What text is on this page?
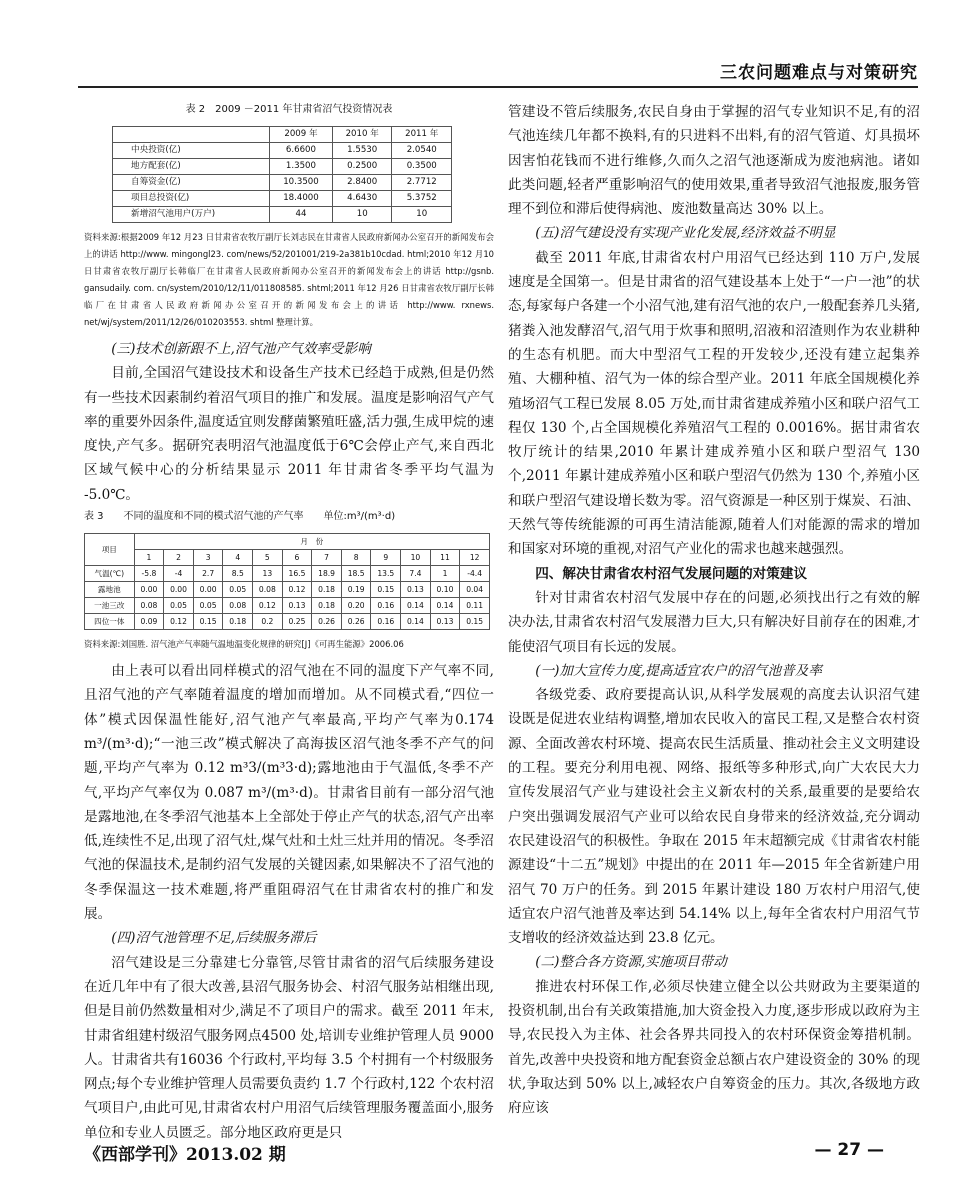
三农问题难点与对策研究
表 2　2009 －2011 年甘肃省沼气投资情况表
	2009 年	2010 年	2011 年
中央投资(亿)	6.6600	1.5530	2.0540
地方配套(亿)	1.3500	0.2500	0.3500
自筹资金(亿)	10.3500	2.8400	2.7712
项目总投资(亿)	18.4000	4.6430	5.3752
新增沼气池用户(万户)	44	10	10
资料来源:根据2009 年12 月23 日甘肃省农牧厅副厅长刘志民在甘肃省人民政府新闻办公室召开的新闻发布会上的讲话 http://www. mingongl23. com/news/52/201001/219-2a381b10cdad. html;2010 年12 月10 日甘肃省农牧厅副厅长韩临厂在甘肃省人民政府新闻办公室召开的新闻发布会上的讲话 http://gsnb. gansudaily. com. cn/system/2010/12/11/011808585. shtml;2011 年12 月26 日甘肃省农牧厅副厅长韩临厂在甘肃省人民政府新闻办公室召开的新闻发布会上的讲话 http://www. rxnews. net/wj/system/2011/12/26/010203553. shtml 整理计算。

(三)技术创新跟不上,沼气池产气效率受影响

目前,全国沼气建设技术和设备生产技术已经趋于成熟,但是仍然有一些技术因素制约着沼气项目的推广和发展。温度是影响沼气产气率的重要外因条件,温度适宜则发酵菌繁殖旺盛,活力强,生成甲烷的速度快,产气多。据研究表明沼气池温度低于6℃会停止产气,来自西北区域气候中心的分析结果显示 2011 年甘肃省冬季平均气温为 -5.0℃。

表 3　　不同的温度和不同的模式沼气池的产气率　　单位:m³/(m³·d)
项目	月　份											
	1	2	3	4	5	6	7	8	9	10	11	12
气温(℃)	-5.8	-4	2.7	8.5	13	16.5	18.9	18.5	13.5	7.4	1	-4.4
露地池	0.00	0.00	0.00	0.05	0.08	0.12	0.18	0.19	0.15	0.13	0.10	0.04
一池三改	0.08	0.05	0.05	0.08	0.12	0.13	0.18	0.20	0.16	0.14	0.14	0.11
四位一体	0.09	0.12	0.15	0.18	0.2	0.25	0.26	0.26	0.16	0.14	0.13	0.15
资料来源:刘国胜. 沼气池产气率随气温地温变化规律的研究[J]《可再生能源》2006.06

由上表可以看出同样模式的沼气池在不同的温度下产气率不同,且沼气池的产气率随着温度的增加而增加。从不同模式看,“四位一体”模式因保温性能好,沼气池产气率最高,平均产气率为0.174 m³/(m³·d);“一池三改”模式解决了高海拔区沼气池冬季不产气的问题,平均产气率为 0.12 m³3/(m³3·d);露地池由于气温低,冬季不产气,平均产气率仅为 0.087 m³/(m³·d)。甘肃省目前有一部分沼气池是露地池,在冬季沼气池基本上全部处于停止产气的状态,沼气产出率低,连续性不足,出现了沼气灶,煤气灶和土灶三灶并用的情况。冬季沼气池的保温技术,是制约沼气发展的关键因素,如果解决不了沼气池的冬季保温这一技术难题,将严重阻碍沼气在甘肃省农村的推广和发展。

(四)沼气池管理不足,后续服务滞后

沼气建设是三分靠建七分靠管,尽管甘肃省的沼气后续服务建设在近几年中有了很大改善,县沼气服务协会、村沼气服务站相继出现,但是目前仍然数量相对少,满足不了项目户的需求。截至 2011 年末,甘肃省组建村级沼气服务网点4500 处,培训专业维护管理人员 9000 人。甘肃省共有16036 个行政村,平均每 3.5 个村拥有一个村级服务网点;每个专业维护管理人员需要负责约 1.7 个行政村,122 个农村沼气项目户,由此可见,甘肃省农村户用沼气后续管理服务覆盖面小,服务单位和专业人员匮乏。部分地区政府更是只

管建设不管后续服务,农民自身由于掌握的沼气专业知识不足,有的沼气池连续几年都不换料,有的只进料不出料,有的沼气管道、灯具损坏因害怕花钱而不进行维修,久而久之沼气池逐渐成为废池病池。诸如此类问题,轻者严重影响沼气的使用效果,重者导致沼气池报废,服务管理不到位和滞后使得病池、废池数量高达 30% 以上。

(五)沼气建设没有实现产业化发展,经济效益不明显

截至 2011 年底,甘肃省农村户用沼气已经达到 110 万户,发展速度是全国第一。但是甘肃省的沼气建设基本上处于“一户一池”的状态,每家每户各建一个小沼气池,建有沼气池的农户,一般配套养几头猪,猪粪入池发酵沼气,沼气用于炊事和照明,沼液和沼渣则作为农业耕种的生态有机肥。而大中型沼气工程的开发较少,还没有建立起集养殖、大棚种植、沼气为一体的综合型产业。2011 年底全国规模化养殖场沼气工程已发展 8.05 万处,而甘肃省建成养殖小区和联户沼气工程仅 130 个,占全国规模化养殖沼气工程的 0.0016%。据甘肃省农牧厅统计的结果,2010 年累计建成养殖小区和联户型沼气 130 个,2011 年累计建成养殖小区和联户型沼气仍然为 130 个,养殖小区和联户型沼气建设增长数为零。沼气资源是一种区别于煤炭、石油、天然气等传统能源的可再生清洁能源,随着人们对能源的需求的增加和国家对环境的重视,对沼气产业化的需求也越来越强烈。

四、解决甘肃省农村沼气发展问题的对策建议

针对甘肃省农村沼气发展中存在的问题,必须找出行之有效的解决办法,甘肃省农村沼气发展潜力巨大,只有解决好目前存在的困难,才能使沼气项目有长远的发展。

(一)加大宣传力度,提高适宜农户的沼气池普及率

各级党委、政府要提高认识,从科学发展观的高度去认识沼气建设既是促进农业结构调整,增加农民收入的富民工程,又是整合农村资源、全面改善农村环境、提高农民生活质量、推动社会主义文明建设的工程。要充分利用电视、网络、报纸等多种形式,向广大农民大力宣传发展沼气产业与建设社会主义新农村的关系,最重要的是要给农户突出强调发展沼气产业可以给农民自身带来的经济效益,充分调动农民建设沼气的积极性。争取在 2015 年末超额完成《甘肃省农村能源建设“十二五”规划》中提出的在 2011 年—2015 年全省新建户用沼气 70 万户的任务。到 2015 年累计建设 180 万农村户用沼气,使适宜农户沼气池普及率达到 54.14% 以上,每年全省农村户用沼气节支增收的经济效益达到 23.8 亿元。

(二)整合各方资源,实施项目带动

推进农村环保工作,必须尽快建立健全以公共财政为主要渠道的投资机制,出台有关政策措施,加大资金投入力度,逐步形成以政府为主导,农民投入为主体、社会各界共同投入的农村环保资金筹措机制。首先,改善中央投资和地方配套资金总额占农户建设资金的 30% 的现状,争取达到 50% 以上,减轻农户自筹资金的压力。其次,各级地方政府应该

《西部学刊》2013.02 期	— 27 —
